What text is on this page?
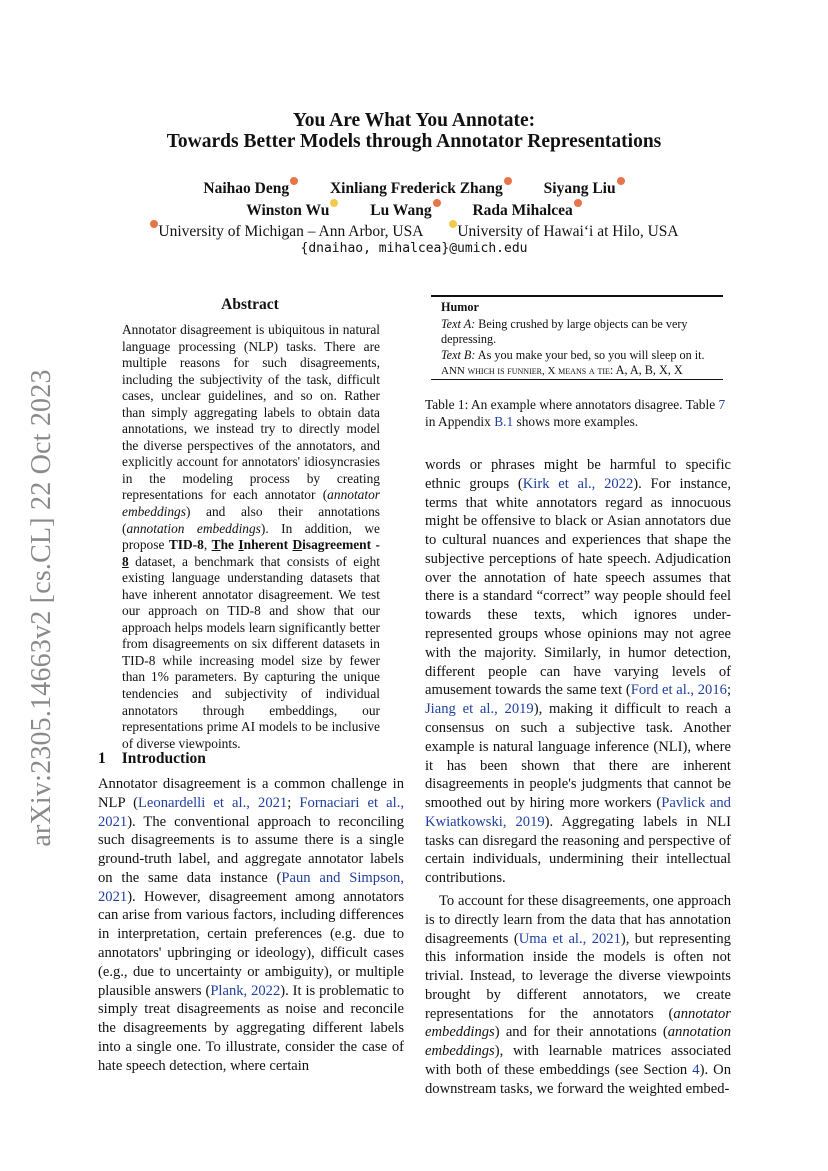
arXiv:2305.14663v2 [cs.CL] 22 Oct 2023
You Are What You Annotate:
Towards Better Models through Annotator Representations
Naihao Deng	Xinliang Frederick Zhang	Siyang Liu
Winston Wu	Lu Wang	Rada Mihalcea
University of Michigan – Ann Arbor, USA University of Hawaiʻi at Hilo, USA
{dnaihao, mihalcea}@umich.edu
Abstract
Annotator disagreement is ubiquitous in natural language processing (NLP) tasks. There are multiple reasons for such disagreements, including the subjectivity of the task, difficult cases, unclear guidelines, and so on. Rather than simply aggregating labels to obtain data annotations, we instead try to directly model the diverse perspectives of the annotators, and explicitly account for annotators' idiosyncrasies in the modeling process by creating representations for each annotator (annotator embeddings) and also their annotations (annotation embeddings). In addition, we propose TID-8, The Inherent Disagreement - 8 dataset, a benchmark that consists of eight existing language understanding datasets that have inherent annotator disagreement. We test our approach on TID-8 and show that our approach helps models learn significantly better from disagreements on six different datasets in TID-8 while increasing model size by fewer than 1% parameters. By capturing the unique tendencies and subjectivity of individual annotators through embeddings, our representations prime AI models to be inclusive of diverse viewpoints.
1 Introduction
Annotator disagreement is a common challenge in NLP (Leonardelli et al., 2021; Fornaciari et al., 2021). The conventional approach to reconciling such disagreements is to assume there is a single ground-truth label, and aggregate annotator labels on the same data instance (Paun and Simpson, 2021). However, disagreement among annotators can arise from various factors, including differences in interpretation, certain preferences (e.g. due to annotators' upbringing or ideology), difficult cases (e.g., due to uncertainty or ambiguity), or multiple plausible answers (Plank, 2022). It is problematic to simply treat disagreements as noise and reconcile the disagreements by aggregating different labels into a single one. To illustrate, consider the case of hate speech detection, where certain
Humor
Text A: Being crushed by large objects can be very depressing.
Text B: As you make your bed, so you will sleep on it.
ANN which is funnier, X means a tie: A, A, B, X, X
Table 1: An example where annotators disagree. Table 7 in Appendix B.1 shows more examples.

words or phrases might be harmful to specific ethnic groups (Kirk et al., 2022). For instance, terms that white annotators regard as innocuous might be offensive to black or Asian annotators due to cultural nuances and experiences that shape the subjective perceptions of hate speech. Adjudication over the annotation of hate speech assumes that there is a standard “correct” way people should feel towards these texts, which ignores under-represented groups whose opinions may not agree with the majority. Similarly, in humor detection, different people can have varying levels of amusement towards the same text (Ford et al., 2016; Jiang et al., 2019), making it difficult to reach a consensus on such a subjective task. Another example is natural language inference (NLI), where it has been shown that there are inherent disagreements in people's judgments that cannot be smoothed out by hiring more workers (Pavlick and Kwiatkowski, 2019). Aggregating labels in NLI tasks can disregard the reasoning and perspective of certain individuals, undermining their intellectual contributions.

To account for these disagreements, one approach is to directly learn from the data that has annotation disagreements (Uma et al., 2021), but representing this information inside the models is often not trivial. Instead, to leverage the diverse viewpoints brought by different annotators, we create representations for the annotators (annotator embeddings) and for their annotations (annotation embeddings), with learnable matrices associated with both of these embeddings (see Section 4). On downstream tasks, we forward the weighted embed-
